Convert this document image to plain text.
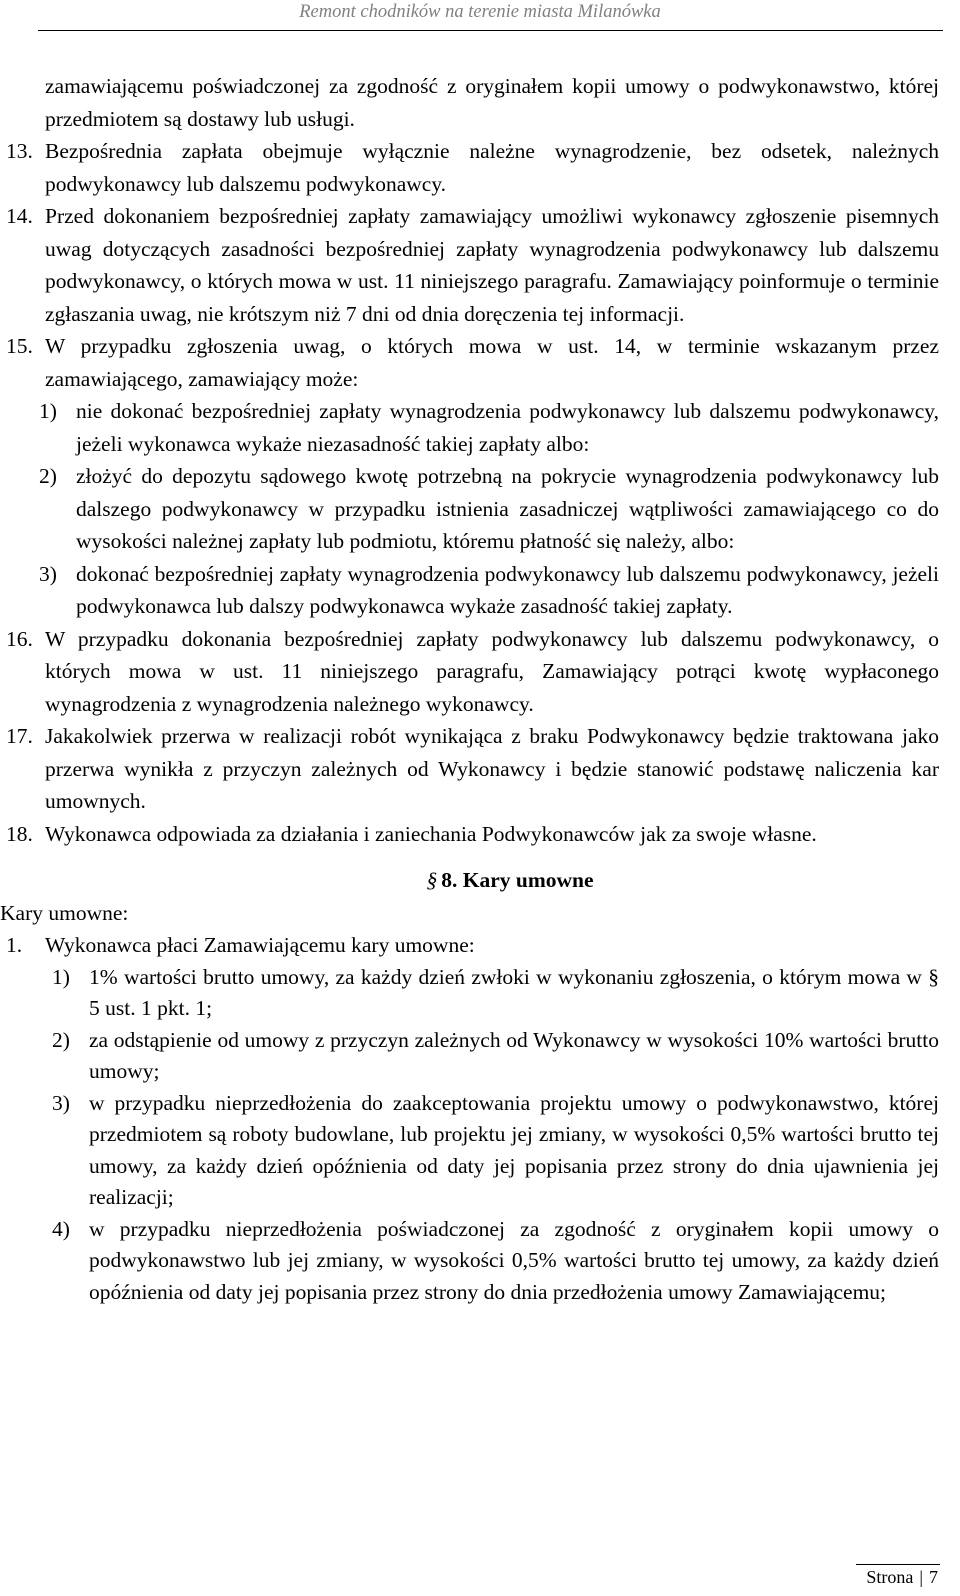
Remont chodników na terenie miasta Milanówka

zamawiającemu poświadczonej za zgodność z oryginałem kopii umowy o podwykonawstwo, której przedmiotem są dostawy lub usługi.

13. Bezpośrednia zapłata obejmuje wyłącznie należne wynagrodzenie, bez odsetek, należnych podwykonawcy lub dalszemu podwykonawcy.

14. Przed dokonaniem bezpośredniej zapłaty zamawiający umożliwi wykonawcy zgłoszenie pisemnych uwag dotyczących zasadności bezpośredniej zapłaty wynagrodzenia podwykonawcy lub dalszemu podwykonawcy, o których mowa w ust. 11 niniejszego paragrafu. Zamawiający poinformuje o terminie zgłaszania uwag, nie krótszym niż 7 dni od dnia doręczenia tej informacji.

15. W przypadku zgłoszenia uwag, o których mowa w ust. 14, w terminie wskazanym przez zamawiającego, zamawiający może:

1) nie dokonać bezpośredniej zapłaty wynagrodzenia podwykonawcy lub dalszemu podwykonawcy, jeżeli wykonawca wykaże niezasadność takiej zapłaty albo:

2) złożyć do depozytu sądowego kwotę potrzebną na pokrycie wynagrodzenia podwykonawcy lub dalszego podwykonawcy w przypadku istnienia zasadniczej wątpliwości zamawiającego co do wysokości należnej zapłaty lub podmiotu, któremu płatność się należy, albo:

3) dokonać bezpośredniej zapłaty wynagrodzenia podwykonawcy lub dalszemu podwykonawcy, jeżeli podwykonawca lub dalszy podwykonawca wykaże zasadność takiej zapłaty.

16. W przypadku dokonania bezpośredniej zapłaty podwykonawcy lub dalszemu podwykonawcy, o których mowa w ust. 11 niniejszego paragrafu, Zamawiający potrąci kwotę wypłaconego wynagrodzenia z wynagrodzenia należnego wykonawcy.

17. Jakakolwiek przerwa w realizacji robót wynikająca z braku Podwykonawcy będzie traktowana jako przerwa wynikła z przyczyn zależnych od Wykonawcy i będzie stanowić podstawę naliczenia kar umownych.

18. Wykonawca odpowiada za działania i zaniechania Podwykonawców jak za swoje własne.

§ 8. Kary umowne

Kary umowne:

1. Wykonawca płaci Zamawiającemu kary umowne:

1) 1% wartości brutto umowy, za każdy dzień zwłoki w wykonaniu zgłoszenia, o którym mowa w § 5 ust. 1 pkt. 1;

2) za odstąpienie od umowy z przyczyn zależnych od Wykonawcy w wysokości 10% wartości brutto umowy;

3) w przypadku nieprzedłożenia do zaakceptowania projektu umowy o podwykonawstwo, której przedmiotem są roboty budowlane, lub projektu jej zmiany, w wysokości 0,5% wartości brutto tej umowy, za każdy dzień opóźnienia od daty jej popisania przez strony do dnia ujawnienia jej realizacji;

4) w przypadku nieprzedłożenia poświadczonej za zgodność z oryginałem kopii umowy o podwykonawstwo lub jej zmiany, w wysokości 0,5% wartości brutto tej umowy, za każdy dzień opóźnienia od daty jej popisania przez strony do dnia przedłożenia umowy Zamawiającemu;

Strona | 7
